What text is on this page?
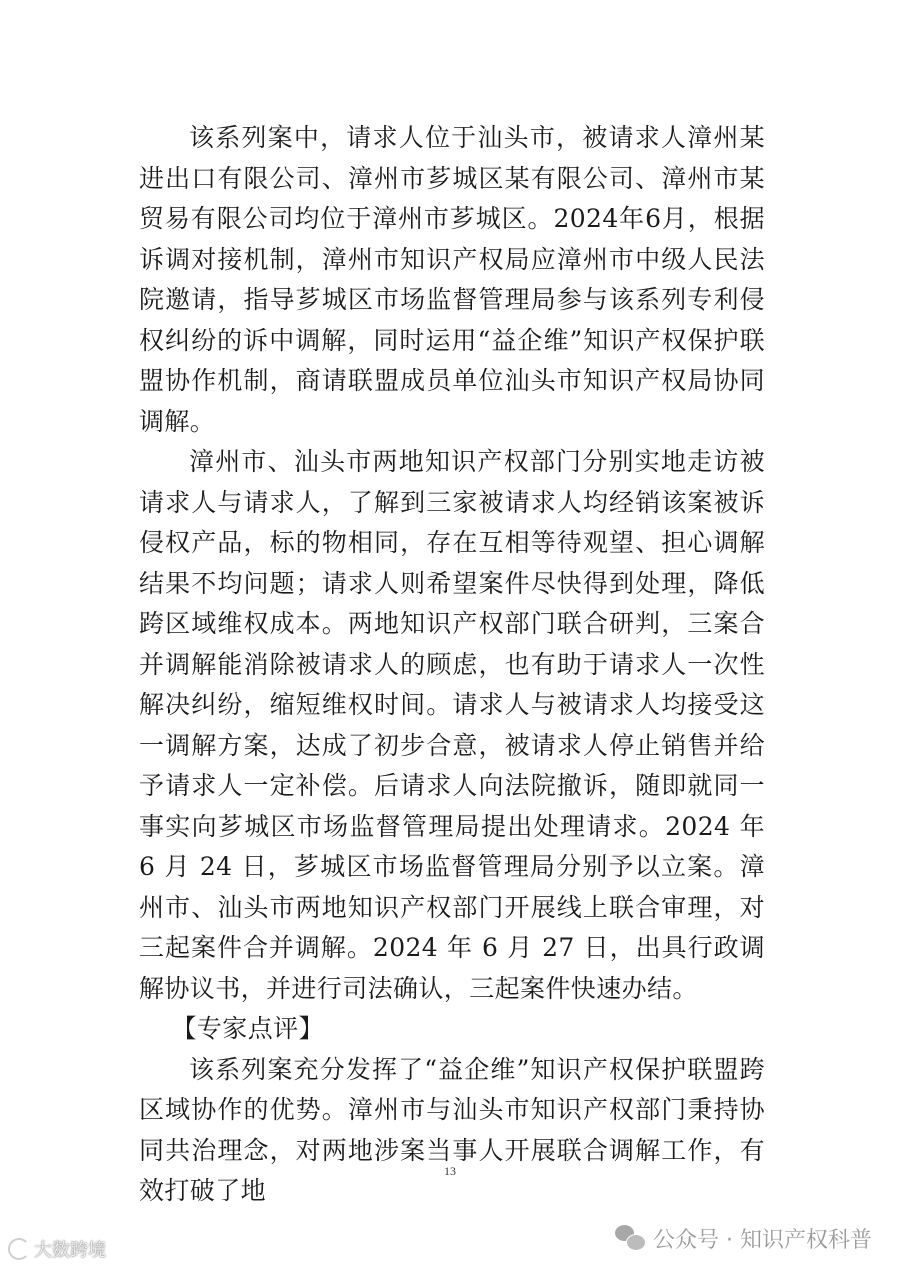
该系列案中，请求人位于汕头市，被请求人漳州某进出口有限公司、漳州市芗城区某有限公司、漳州市某贸易有限公司均位于漳州市芗城区。2024年6月，根据诉调对接机制，漳州市知识产权局应漳州市中级人民法院邀请，指导芗城区市场监督管理局参与该系列专利侵权纠纷的诉中调解，同时运用“益企维”知识产权保护联盟协作机制，商请联盟成员单位汕头市知识产权局协同调解。

漳州市、汕头市两地知识产权部门分别实地走访被请求人与请求人，了解到三家被请求人均经销该案被诉侵权产品，标的物相同，存在互相等待观望、担心调解结果不均问题；请求人则希望案件尽快得到处理，降低跨区域维权成本。两地知识产权部门联合研判，三案合并调解能消除被请求人的顾虑，也有助于请求人一次性解决纠纷，缩短维权时间。请求人与被请求人均接受这一调解方案，达成了初步合意，被请求人停止销售并给予请求人一定补偿。后请求人向法院撤诉，随即就同一事实向芗城区市场监督管理局提出处理请求。2024 年 6 月 24 日，芗城区市场监督管理局分别予以立案。漳州市、汕头市两地知识产权部门开展线上联合审理，对三起案件合并调解。2024 年 6 月 27 日，出具行政调解协议书，并进行司法确认，三起案件快速办结。

【专家点评】

该系列案充分发挥了“益企维”知识产权保护联盟跨区域协作的优势。漳州市与汕头市知识产权部门秉持协同共治理念，对两地涉案当事人开展联合调解工作，有效打破了地

13
公众号 · 知识产权科普
大数跨境
